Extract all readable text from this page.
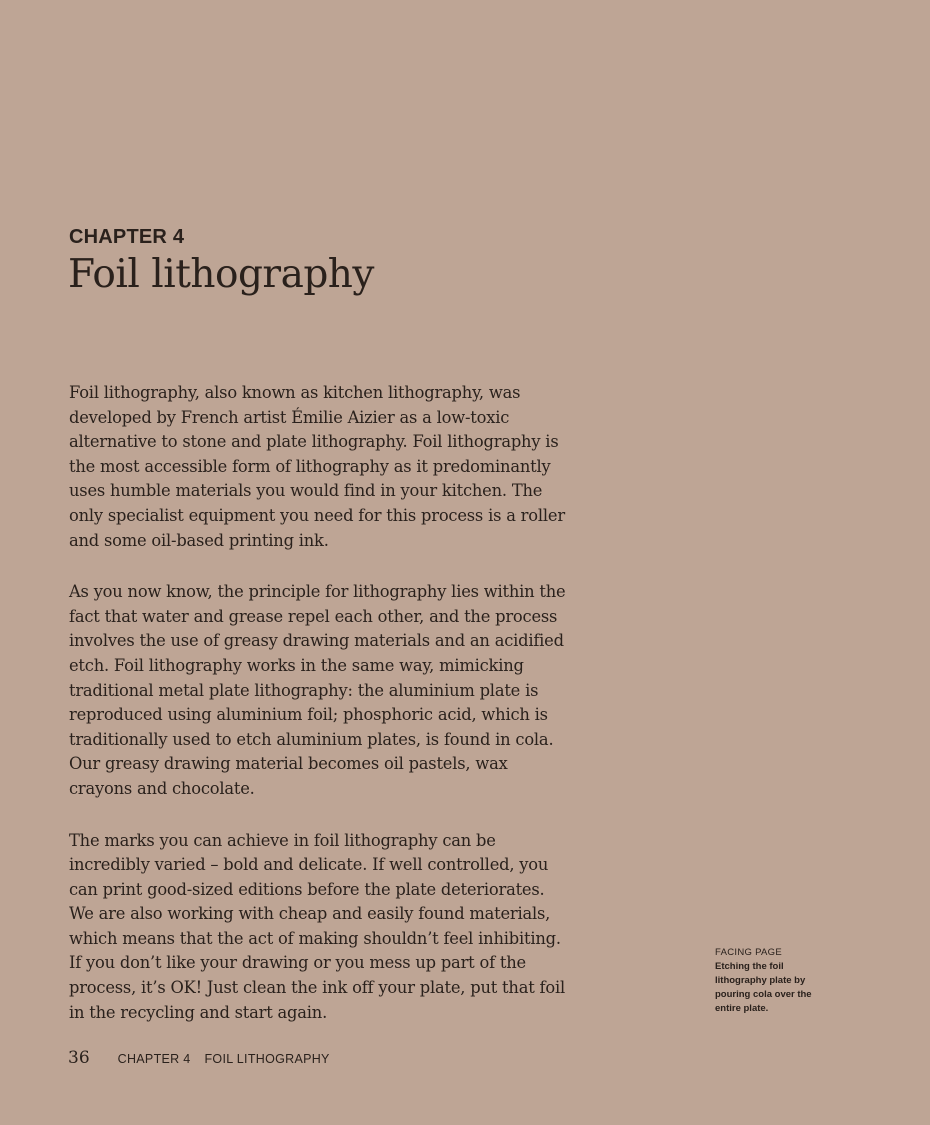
CHAPTER 4
Foil lithography

Foil lithography, also known as kitchen lithography, was developed by French artist Émilie Aizier as a low-toxic alternative to stone and plate lithography. Foil lithography is the most accessible form of lithography as it predominantly uses humble materials you would find in your kitchen. The only specialist equipment you need for this process is a roller and some oil-based printing ink.

As you now know, the principle for lithography lies within the fact that water and grease repel each other, and the process involves the use of greasy drawing materials and an acidified etch. Foil lithography works in the same way, mimicking traditional metal plate lithography: the aluminium plate is reproduced using aluminium foil; phosphoric acid, which is traditionally used to etch aluminium plates, is found in cola. Our greasy drawing material becomes oil pastels, wax crayons and chocolate.

The marks you can achieve in foil lithography can be incredibly varied – bold and delicate. If well controlled, you can print good-sized editions before the plate deteriorates. We are also working with cheap and easily found materials, which means that the act of making shouldn’t feel inhibiting. If you don’t like your drawing or you mess up part of the process, it’s OK! Just clean the ink off your plate, put that foil in the recycling and start again.

FACING PAGE
Etching the foil lithography plate by pouring cola over the entire plate.
36 CHAPTER 4 FOIL LITHOGRAPHY
